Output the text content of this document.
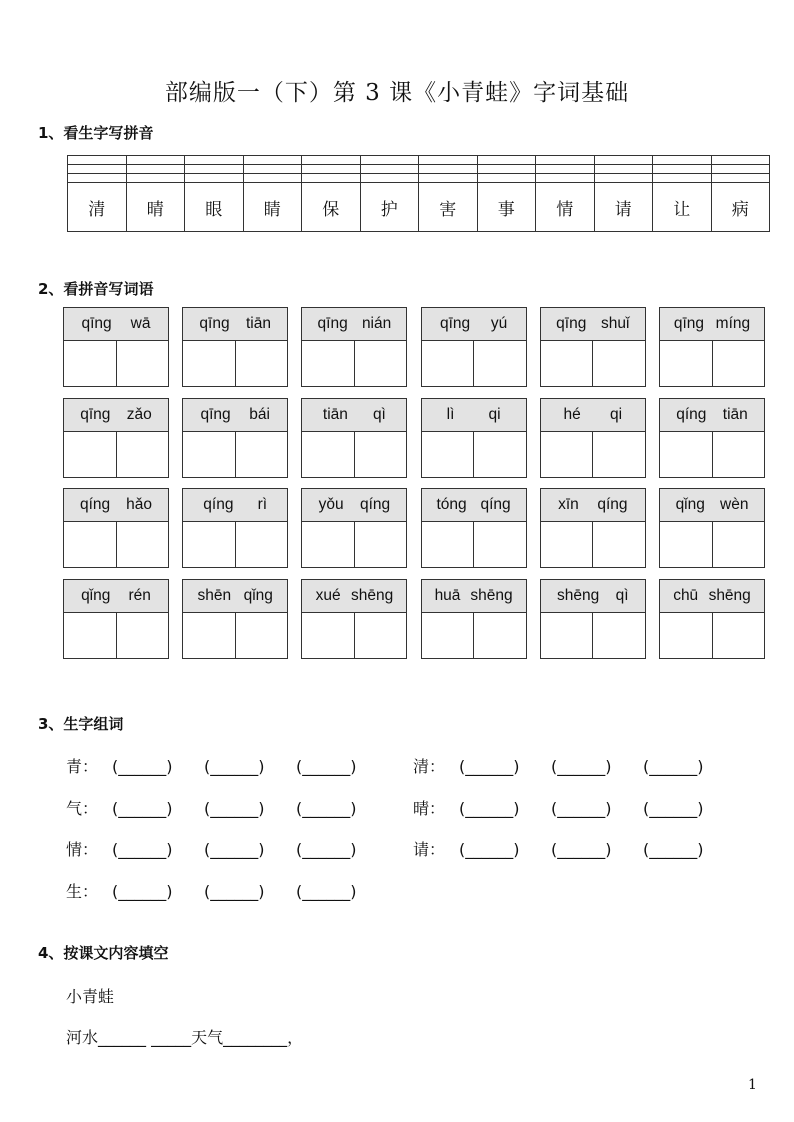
部编版一（下）第 3 课《小青蛙》字词基础
1、看生字写拼音

清	晴	眼	睛	保	护	害	事	情	请	让	病
2、看拼音写词语
qīng wā	qīng tiān	qīng nián	qīng yú	qīng shuǐ	qīng míng
qīng zǎo	qīng bái	tiān qì	lì qi	hé qi	qíng tiān
qíng hǎo	qíng rì	yǒu qíng	tóng qíng	xīn qíng	qǐng wèn
qǐng rén	shēn qǐng	xué shēng	huā shēng	shēng qì	chū shēng
3、生字组词
青： (______) (______) (______)
气： (______) (______) (______)
情： (______) (______) (______)
生： (______) (______) (______)
清： (______) (______) (______)
晴： (______) (______) (______)
请： (______) (______) (______)
4、按课文内容填空
小青蛙
河水______ _____天气________，
1
